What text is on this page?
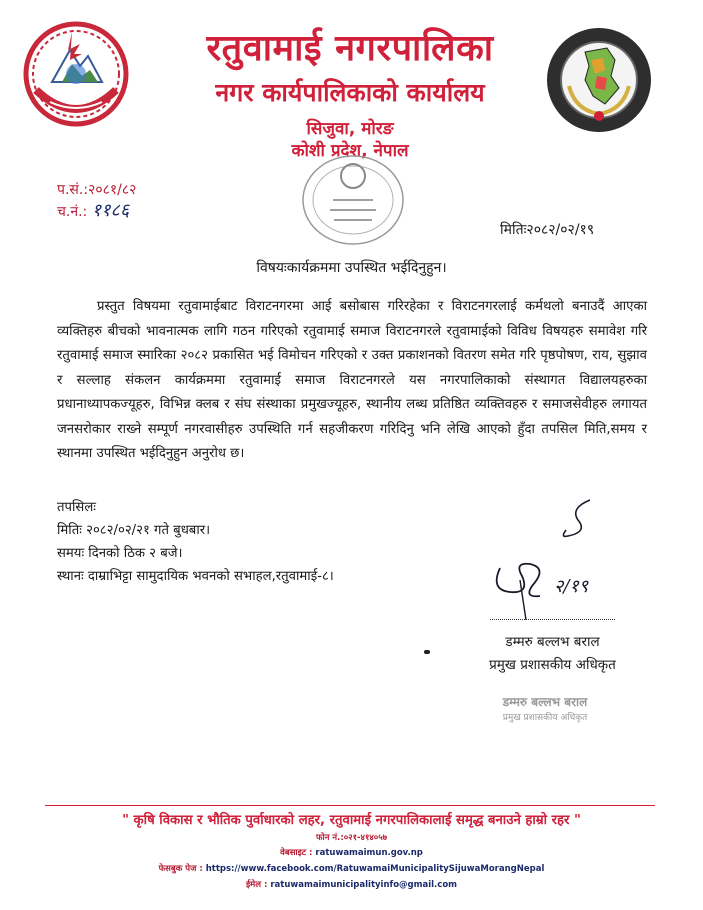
रतुवामाई नगरपालिका
नगर कार्यपालिकाको कार्यालय
सिजुवा, मोरङ
कोशी प्रदेश, नेपाल
प.सं.:२०८१/८२
च.नं.: ११८६
मितिः२०८२/०२/१९
विषयःकार्यक्रममा उपस्थित भईदिनुहुन।
प्रस्तुत विषयमा रतुवामाईबाट विराटनगरमा आई बसोबास गरिरहेका र विराटनगरलाई कर्मथलो बनाउदैं आएका व्यक्तिहरु बीचको भावनात्मक लागि गठन गरिएको रतुवामाई समाज विराटनगरले रतुवामाईको विविध विषयहरु समावेश गरि रतुवामाई समाज स्मारिका २०८२ प्रकासित भई विमोचन गरिएको र उक्त प्रकाशनको वितरण समेत गरि पृष्ठपोषण, राय, सुझाव र सल्लाह संकलन कार्यक्रममा रतुवामाई समाज विराटनगरले यस नगरपालिकाको संस्थागत विद्यालयहरुका प्रधानाध्यापकज्यूहरु, विभिन्न क्लब र संघ संस्थाका प्रमुखज्यूहरु, स्थानीय लब्ध प्रतिष्ठित व्यक्तिवहरु र समाजसेवीहरु लगायत जनसरोकार राख्ने सम्पूर्ण नगरवासीहरु उपस्थिति गर्न सहजीकरण गरिदिनु भनि लेखि आएको हुँदा तपसिल मिति,समय र स्थानमा उपस्थित भईदिनुहुन अनुरोध छ।
तपसिलः
मितिः २०८२/०२/२१ गते बुधबार।
समयः दिनको ठिक २ बजे।
स्थानः दाम्राभिट्टा सामुदायिक भवनको सभाहल,रतुवामाई-८।	२/१९
डम्मरु बल्लभ बराल
प्रमुख प्रशासकीय अधिकृत
डम्मरु बल्लभ बराल
प्रमुख प्रशासकीय अधिकृत
" कृषि विकास र भौतिक पुर्वाधारको लहर, रतुवामाई नगरपालिकालाई समृद्ध बनाउने हाम्रो रहर "
फोन नं.:०२१-४१४०५७
वेबसाइट : ratuwamaimun.gov.np
फेसबुक पेज : https://www.facebook.com/RatuwamaiMunicipalitySijuwaMorangNepal
ईमेल : ratuwamaimunicipalityinfo@gmail.com
